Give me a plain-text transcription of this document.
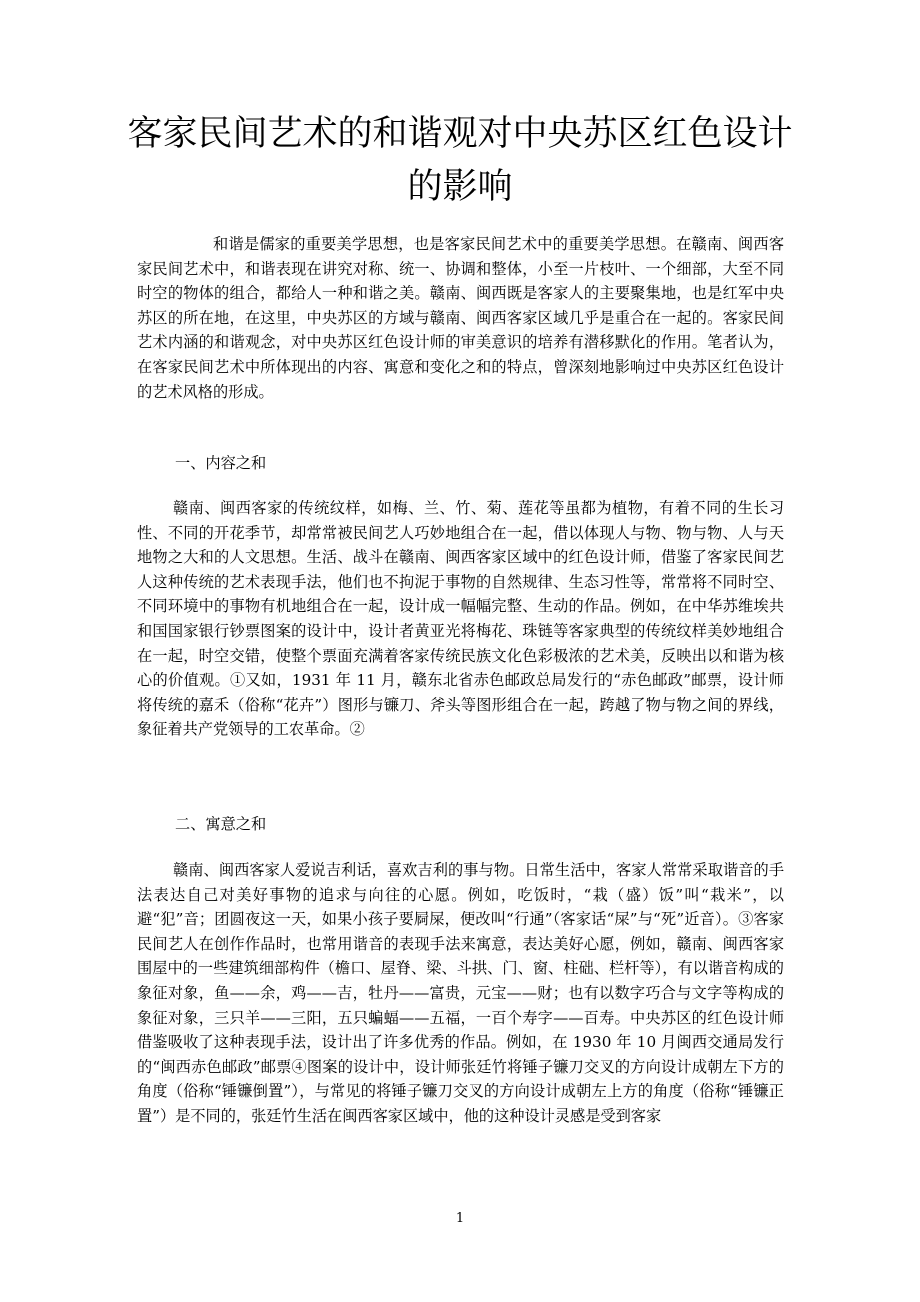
客家民间艺术的和谐观对中央苏区红色设计的影响

和谐是儒家的重要美学思想，也是客家民间艺术中的重要美学思想。在赣南、闽西客家民间艺术中，和谐表现在讲究对称、统一、协调和整体，小至一片枝叶、一个细部，大至不同时空的物体的组合，都给人一种和谐之美。赣南、闽西既是客家人的主要聚集地，也是红军中央苏区的所在地，在这里，中央苏区的方域与赣南、闽西客家区域几乎是重合在一起的。客家民间艺术内涵的和谐观念，对中央苏区红色设计师的审美意识的培养有潜移默化的作用。笔者认为，在客家民间艺术中所体现出的内容、寓意和变化之和的特点，曾深刻地影响过中央苏区红色设计的艺术风格的形成。

一、内容之和

赣南、闽西客家的传统纹样，如梅、兰、竹、菊、莲花等虽都为植物，有着不同的生长习性、不同的开花季节，却常常被民间艺人巧妙地组合在一起，借以体现人与物、物与物、人与天地物之大和的人文思想。生活、战斗在赣南、闽西客家区域中的红色设计师，借鉴了客家民间艺人这种传统的艺术表现手法，他们也不拘泥于事物的自然规律、生态习性等，常常将不同时空、不同环境中的事物有机地组合在一起，设计成一幅幅完整、生动的作品。例如，在中华苏维埃共和国国家银行钞票图案的设计中，设计者黄亚光将梅花、珠链等客家典型的传统纹样美妙地组合在一起，时空交错，使整个票面充满着客家传统民族文化色彩极浓的艺术美，反映出以和谐为核心的价值观。①又如，1931 年 11 月，赣东北省赤色邮政总局发行的“赤色邮政”邮票，设计师将传统的嘉禾（俗称“花卉”）图形与镰刀、斧头等图形组合在一起，跨越了物与物之间的界线，象征着共产党领导的工农革命。②

二、寓意之和

赣南、闽西客家人爱说吉利话，喜欢吉利的事与物。日常生活中，客家人常常采取谐音的手法表达自己对美好事物的追求与向往的心愿。例如，吃饭时，“栽（盛）饭”叫“栽米”，以避“犯”音；团圆夜这一天，如果小孩子要屙屎，便改叫“行通”（客家话“屎”与“死”近音）。③客家民间艺人在创作作品时，也常用谐音的表现手法来寓意，表达美好心愿，例如，赣南、闽西客家围屋中的一些建筑细部构件（檐口、屋脊、梁、斗拱、门、窗、柱础、栏杆等），有以谐音构成的象征对象，鱼——余，鸡——吉，牡丹——富贵，元宝——财；也有以数字巧合与文字等构成的象征对象，三只羊——三阳，五只蝙蝠——五福，一百个寿字——百寿。中央苏区的红色设计师借鉴吸收了这种表现手法，设计出了许多优秀的作品。例如，在 1930 年 10 月闽西交通局发行的“闽西赤色邮政”邮票④图案的设计中，设计师张廷竹将锤子镰刀交叉的方向设计成朝左下方的角度（俗称“锤镰倒置”），与常见的将锤子镰刀交叉的方向设计成朝左上方的角度（俗称“锤镰正置”）是不同的，张廷竹生活在闽西客家区域中，他的这种设计灵感是受到客家

1
